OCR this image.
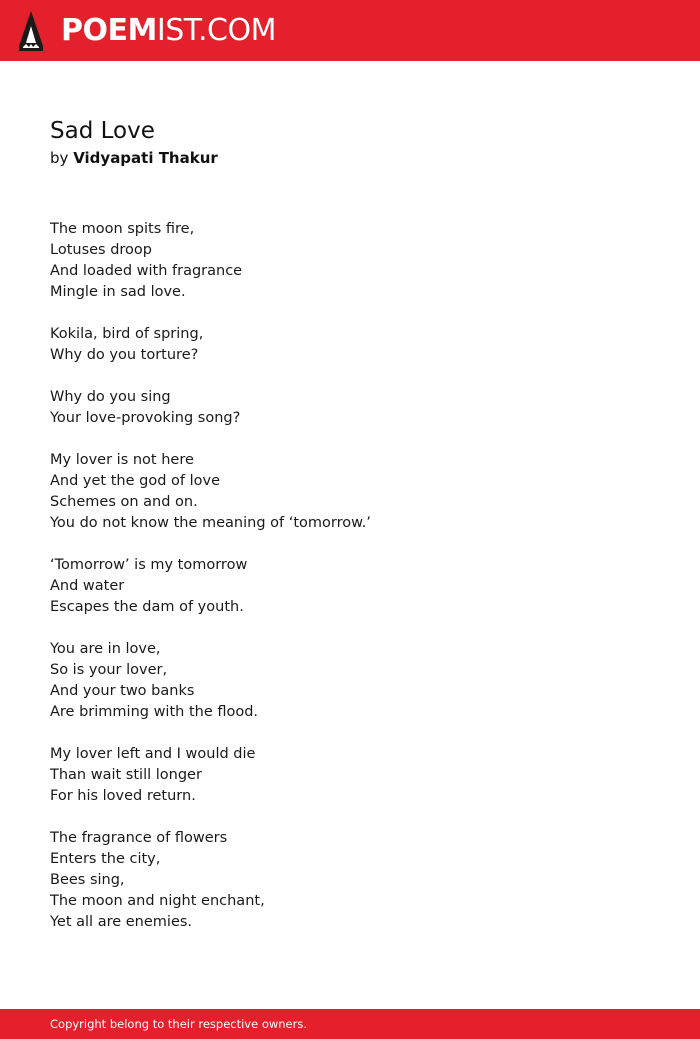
POEMIST.COM
Sad Love
by Vidyapati Thakur
The moon spits fire,
Lotuses droop
And loaded with fragrance
Mingle in sad love.
Kokila, bird of spring,
Why do you torture?
Why do you sing
Your love-provoking song?
My lover is not here
And yet the god of love
Schemes on and on.
You do not know the meaning of ‘tomorrow.’
‘Tomorrow’ is my tomorrow
And water
Escapes the dam of youth.
You are in love,
So is your lover,
And your two banks
Are brimming with the flood.
My lover left and I would die
Than wait still longer
For his loved return.
The fragrance of flowers
Enters the city,
Bees sing,
The moon and night enchant,
Yet all are enemies.
Copyright belong to their respective owners.
